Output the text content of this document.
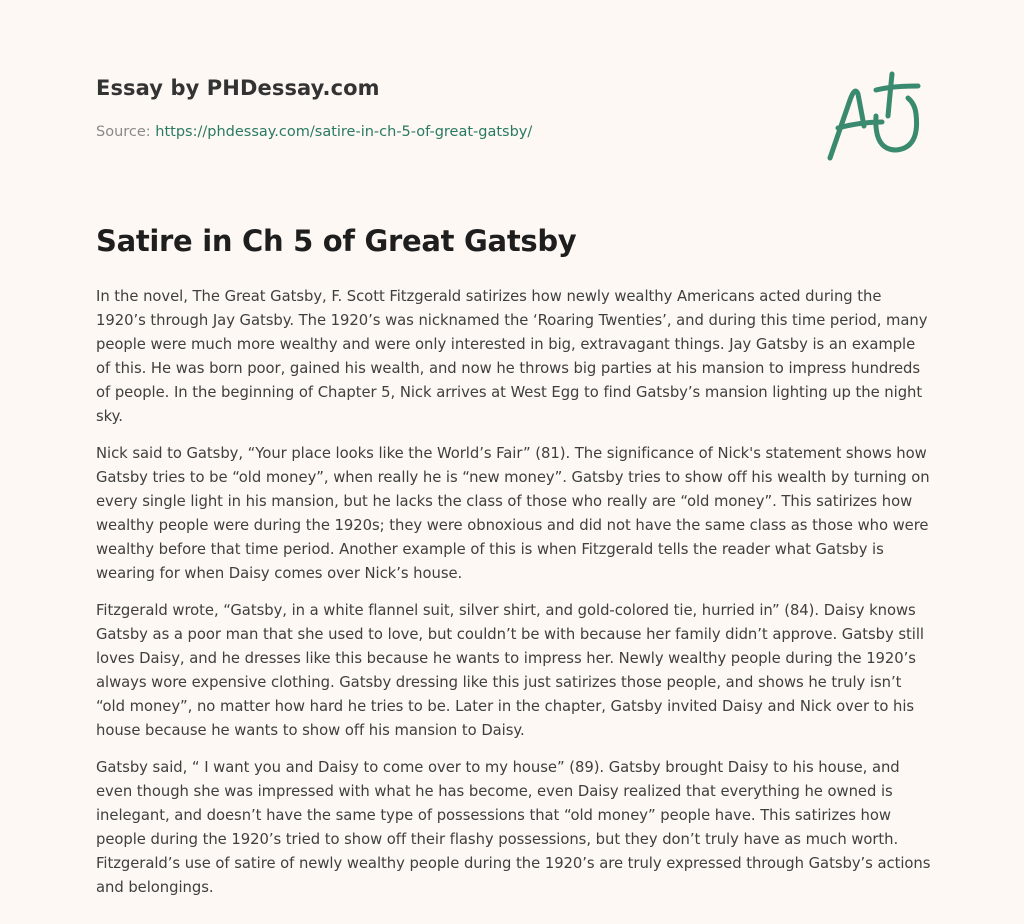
Essay by PHDessay.com
Source: https://phdessay.com/satire-in-ch-5-of-great-gatsby/
Satire in Ch 5 of Great Gatsby

In the novel, The Great Gatsby, F. Scott Fitzgerald satirizes how newly wealthy Americans acted during the 1920’s through Jay Gatsby. The 1920’s was nicknamed the ‘Roaring Twenties’, and during this time period, many people were much more wealthy and were only interested in big, extravagant things. Jay Gatsby is an example of this. He was born poor, gained his wealth, and now he throws big parties at his mansion to impress hundreds of people. In the beginning of Chapter 5, Nick arrives at West Egg to find Gatsby’s mansion lighting up the night sky.

Nick said to Gatsby, “Your place looks like the World’s Fair” (81). The significance of Nick's statement shows how Gatsby tries to be “old money”, when really he is “new money”. Gatsby tries to show off his wealth by turning on every single light in his mansion, but he lacks the class of those who really are “old money”. This satirizes how wealthy people were during the 1920s; they were obnoxious and did not have the same class as those who were wealthy before that time period. Another example of this is when Fitzgerald tells the reader what Gatsby is wearing for when Daisy comes over Nick’s house.

Fitzgerald wrote, “Gatsby, in a white flannel suit, silver shirt, and gold-colored tie, hurried in” (84). Daisy knows Gatsby as a poor man that she used to love, but couldn’t be with because her family didn’t approve. Gatsby still loves Daisy, and he dresses like this because he wants to impress her. Newly wealthy people during the 1920’s always wore expensive clothing. Gatsby dressing like this just satirizes those people, and shows he truly isn’t “old money”, no matter how hard he tries to be. Later in the chapter, Gatsby invited Daisy and Nick over to his house because he wants to show off his mansion to Daisy.

Gatsby said, “ I want you and Daisy to come over to my house” (89). Gatsby brought Daisy to his house, and even though she was impressed with what he has become, even Daisy realized that everything he owned is inelegant, and doesn’t have the same type of possessions that “old money” people have. This satirizes how people during the 1920’s tried to show off their flashy possessions, but they don’t truly have as much worth. Fitzgerald’s use of satire of newly wealthy people during the 1920’s are truly expressed through Gatsby’s actions and belongings.
